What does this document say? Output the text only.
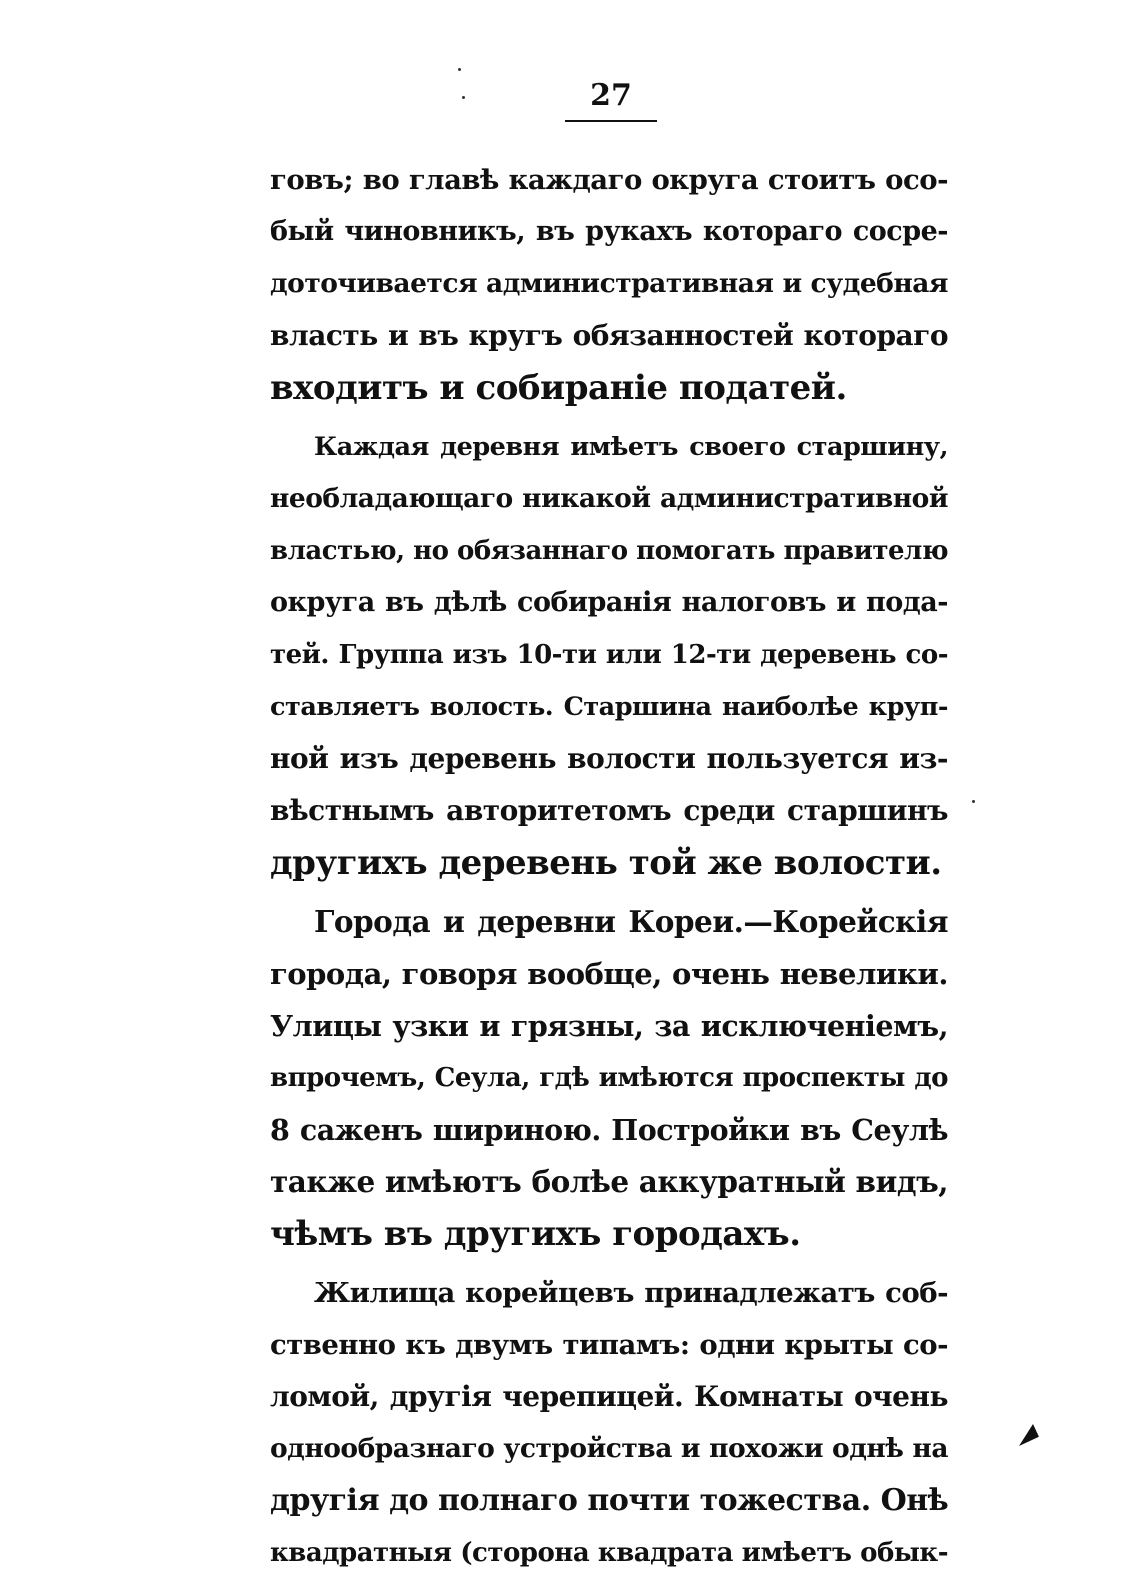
27
говъ; во главѣ каждаго округа стоитъ осо-
бый чиновникъ, въ рукахъ котораго сосре-
доточивается административная и судебная
власть и въ кругъ обязанностей котораго
входитъ и собираніе податей.
Каждая деревня имѣетъ своего старшину,
необладающаго никакой административной
властью, но обязаннаго помогать правителю
округа въ дѣлѣ собиранія налоговъ и пода-
тей. Группа изъ 10-ти или 12-ти деревень со-
ставляетъ волость. Старшина наиболѣе круп-
ной изъ деревень волости пользуется из-
вѣстнымъ авторитетомъ среди старшинъ
другихъ деревень той же волости.
Города и деревни Кореи.—Корейскія
города, говоря вообще, очень невелики.
Улицы узки и грязны, за исключеніемъ,
впрочемъ, Сеула, гдѣ имѣются проспекты до
8 саженъ шириною. Постройки въ Сеулѣ
также имѣютъ болѣе аккуратный видъ,
чѣмъ въ другихъ городахъ.
Жилища корейцевъ принадлежатъ соб-
ственно къ двумъ типамъ: одни крыты со-
ломой, другія черепицей. Комнаты очень
однообразнаго устройства и похожи однѣ на
другія до полнаго почти тожества. Онѣ
квадратныя (сторона квадрата имѣетъ обык-
